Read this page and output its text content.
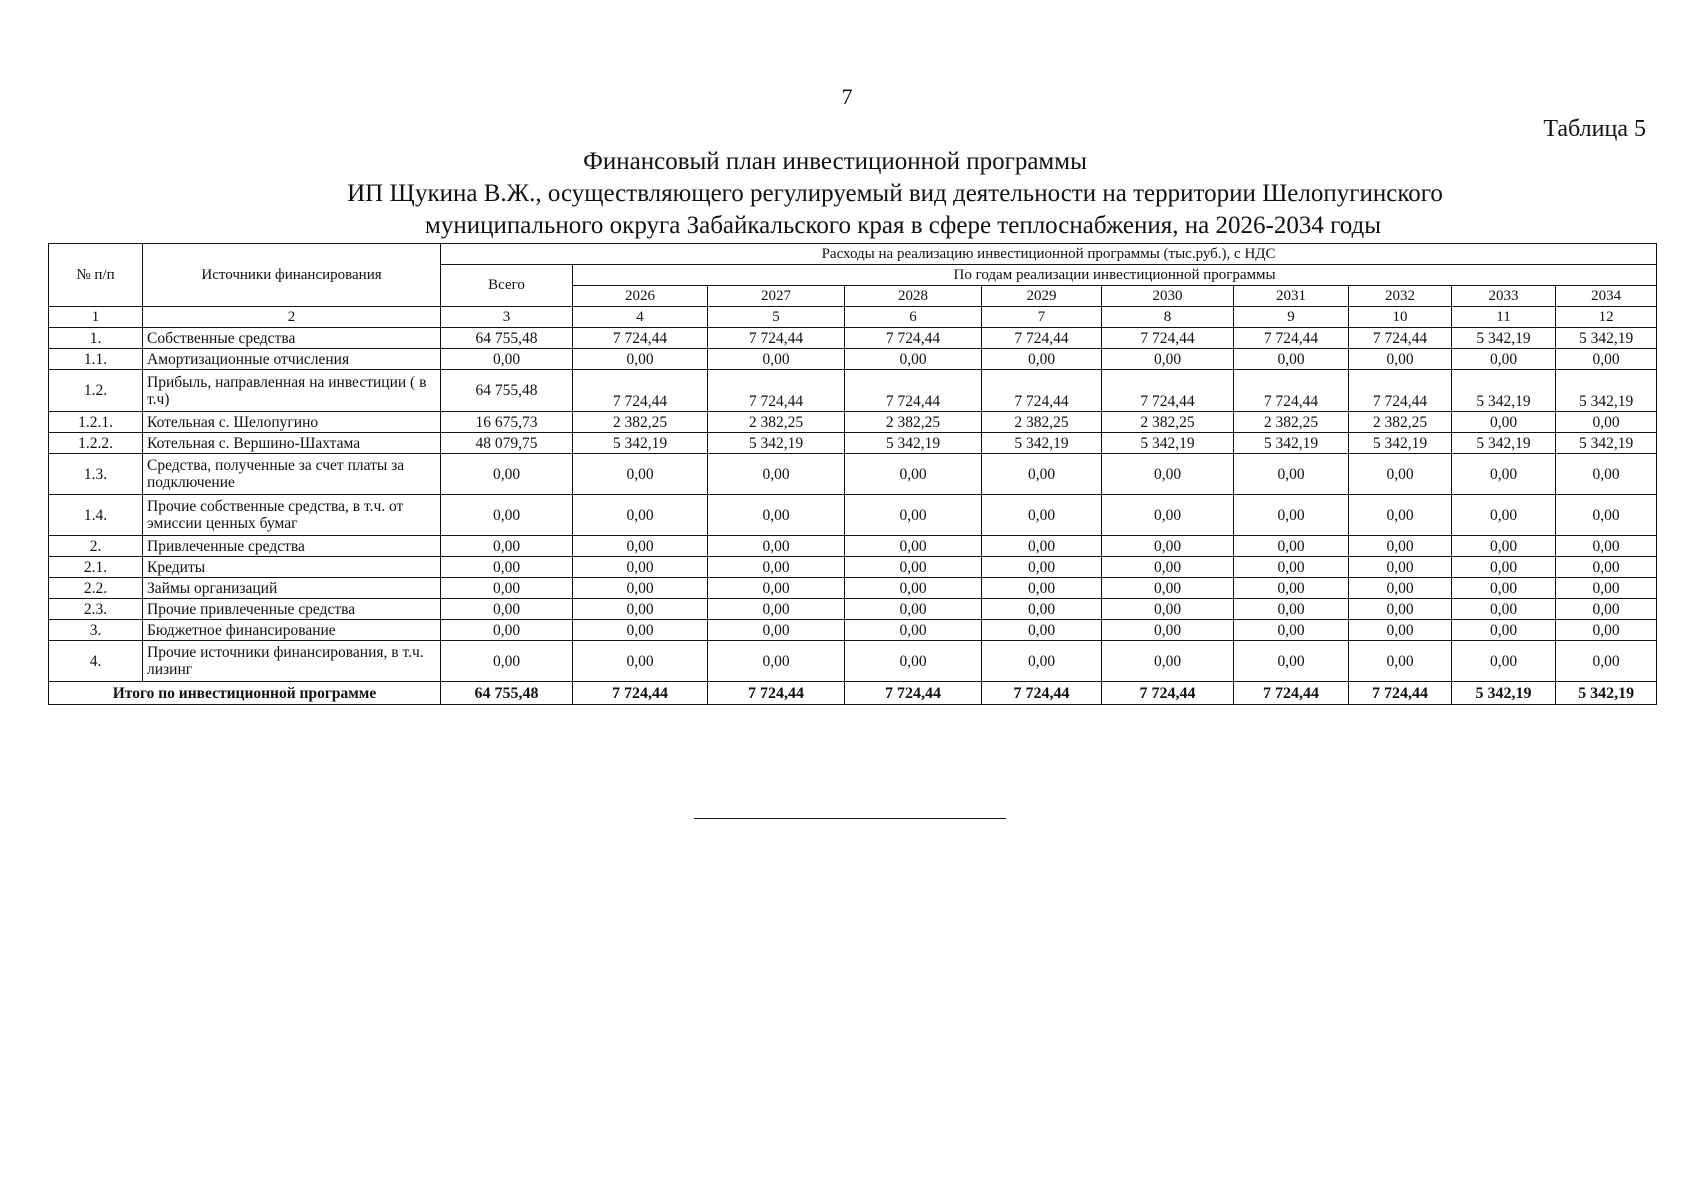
7
Таблица 5
Финансовый план инвестиционной программы
ИП Щукина В.Ж., осуществляющего регулируемый вид деятельности на территории Шелопугинского
муниципального округа Забайкальского края в сфере теплоснабжения, на 2026-2034 годы
№ п/п	Источники финансирования	Расходы на реализацию инвестиционной программы (тыс.руб.), с НДС									
		Всего	По годам реализации инвестиционной программы								
			2026	2027	2028	2029	2030	2031	2032	2033	2034
1	2	3	4	5	6	7	8	9	10	11	12
1.	Собственные средства	64 755,48	7 724,44	7 724,44	7 724,44	7 724,44	7 724,44	7 724,44	7 724,44	5 342,19	5 342,19
1.1.	Амортизационные отчисления	0,00	0,00	0,00	0,00	0,00	0,00	0,00	0,00	0,00	0,00
1.2.	Прибыль, направленная на инвестиции ( в т.ч)	64 755,48	7 724,44	7 724,44	7 724,44	7 724,44	7 724,44	7 724,44	7 724,44	5 342,19	5 342,19
1.2.1.	Котельная с. Шелопугино	16 675,73	2 382,25	2 382,25	2 382,25	2 382,25	2 382,25	2 382,25	2 382,25	0,00	0,00
1.2.2.	Котельная с. Вершино-Шахтама	48 079,75	5 342,19	5 342,19	5 342,19	5 342,19	5 342,19	5 342,19	5 342,19	5 342,19	5 342,19
1.3.	Средства, полученные за счет платы за подключение	0,00	0,00	0,00	0,00	0,00	0,00	0,00	0,00	0,00	0,00
1.4.	Прочие собственные средства, в т.ч. от эмиссии ценных бумаг	0,00	0,00	0,00	0,00	0,00	0,00	0,00	0,00	0,00	0,00
2.	Привлеченные средства	0,00	0,00	0,00	0,00	0,00	0,00	0,00	0,00	0,00	0,00
2.1.	Кредиты	0,00	0,00	0,00	0,00	0,00	0,00	0,00	0,00	0,00	0,00
2.2.	Займы организаций	0,00	0,00	0,00	0,00	0,00	0,00	0,00	0,00	0,00	0,00
2.3.	Прочие привлеченные средства	0,00	0,00	0,00	0,00	0,00	0,00	0,00	0,00	0,00	0,00
3.	Бюджетное финансирование	0,00	0,00	0,00	0,00	0,00	0,00	0,00	0,00	0,00	0,00
4.	Прочие источники финансирования, в т.ч. лизинг	0,00	0,00	0,00	0,00	0,00	0,00	0,00	0,00	0,00	0,00
Итого по инвестиционной программе		64 755,48	7 724,44	7 724,44	7 724,44	7 724,44	7 724,44	7 724,44	7 724,44	5 342,19	5 342,19
